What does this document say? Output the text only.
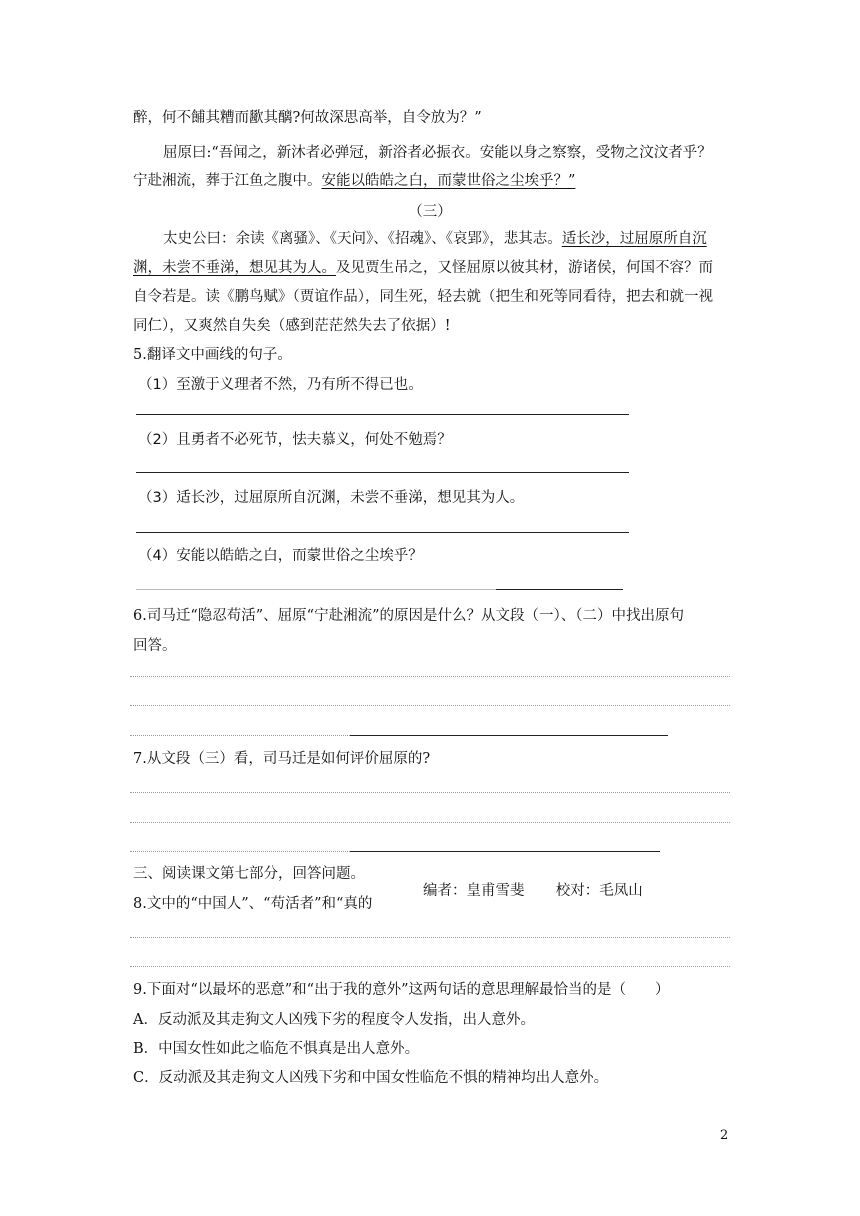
醉，何不餔其糟而歠其醨?何故深思高举，自令放为？”
屈原曰:“吾闻之，新沐者必弹冠，新浴者必振衣。安能以身之察察，受物之汶汶者乎？
宁赴湘流，葬于江鱼之腹中。安能以皓皓之白，而蒙世俗之尘埃乎？”
（三）
太史公曰：余读《离骚》、《天问》、《招魂》、《哀郢》，悲其志。适长沙，过屈原所自沉
渊，未尝不垂涕，想见其为人。及见贾生吊之，又怪屈原以彼其材，游诸侯，何国不容？而
自令若是。读《鹏鸟赋》（贾谊作品），同生死，轻去就（把生和死等同看待，把去和就一视
同仁），又爽然自失矣（感到茫茫然失去了依据）!
5.翻译文中画线的句子。
（1）至激于义理者不然，乃有所不得已也。
（2）且勇者不必死节，怯夫慕义，何处不勉焉？
（3）适长沙，过屈原所自沉渊，未尝不垂涕，想见其为人。
（4）安能以皓皓之白，而蒙世俗之尘埃乎？
6.司马迁“隐忍苟活”、屈原“宁赴湘流”的原因是什么？从文段（一）、（二）中找出原句
回答。
7.从文段（三）看，司马迁是如何评价屈原的?
三、阅读课文第七部分，回答问题。
8.文中的“中国人”、“苟活者”和“真的
编者：皇甫雪斐 校对：毛凤山
9.下面对“以最坏的恶意”和“出于我的意外”这两句话的意思理解最恰当的是（　　）
A．反动派及其走狗文人凶残下劣的程度令人发指，出人意外。
B．中国女性如此之临危不惧真是出人意外。
C．反动派及其走狗文人凶残下劣和中国女性临危不惧的精神均出人意外。
2
